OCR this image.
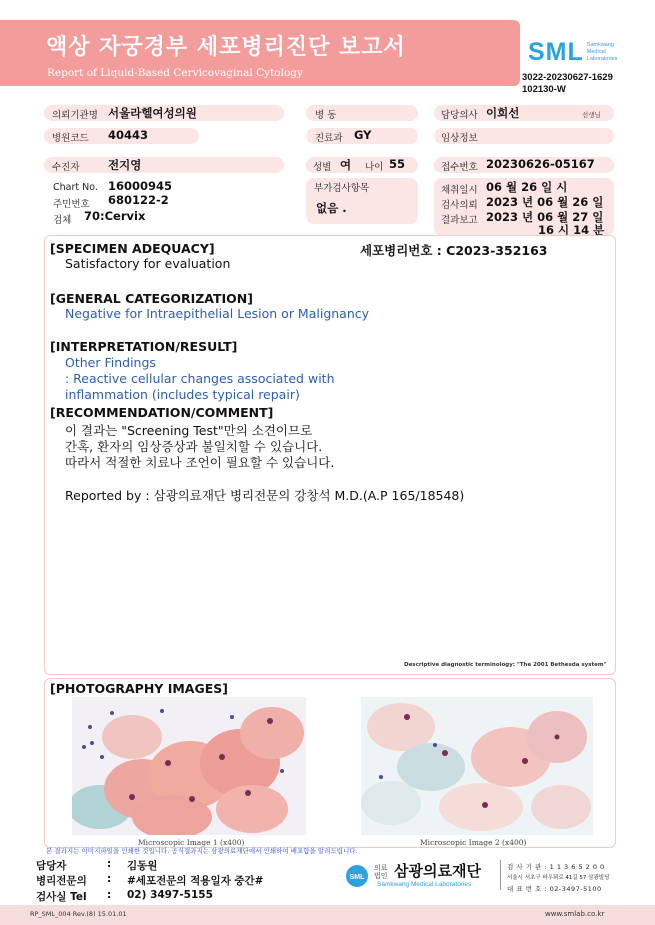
액상 자궁경부 세포병리진단 보고서
Report of Liquid-Based Cervicovaginal Cytology
SML Samkwang
Medical
Laboratories
3022-20230627-1629
102130-W
의뢰기관명 서울라헬여성의원	병 동	담당의사 이희선	선생님
병원코드 40443	진료과 GY	임상정보
수진자 전지영	성별 여 나이 55	접수번호 20230626-05167
Chart No. 16000945
주민번호 680122-2
검체 70:Cervix
부가검사항목
없음 .
채취일시 06 월 26 일 시
검사의뢰 2023 년 06 월 26 일
결과보고 2023 년 06 월 27 일
16 시 14 분
[SPECIMEN ADEQUACY]	세포병리번호 : C2023-352163
Satisfactory for evaluation
[GENERAL CATEGORIZATION]
Negative for Intraepithelial Lesion or Malignancy
[INTERPRETATION/RESULT]
Other Findings
: Reactive cellular changes associated with
inflammation (includes typical repair)
[RECOMMENDATION/COMMENT]
이 결과는 "Screening Test"만의 소견이므로
간혹, 환자의 임상증상과 불일치할 수 있습니다.
따라서 적절한 치료나 조언이 필요할 수 있습니다.
Reported by : 삼광의료재단 병리전문의 강창석 M.D.(A.P 165/18548)
Descriptive diagnostic terminology: "The 2001 Bethesda system"
[PHOTOGRAPHY IMAGES]
Microscopic Image 1 (x400)	Microscopic Image 2 (x400)
본 결과지는 이미지파일을 인쇄한 것입니다. 공식결과지는 삼광의료재단에서 인쇄하여 배포함을 알려드립니다.
담당자	: 김동원
병리전문의 : #세포전문의 적용일자 중간#
검사실 Tel : 02) 3497-5155
SML
의료
법인 삼광의료재단
Samkwang Medical Laboratories
검 사 기 관 : 1 1 3 6 5 2 0 0
서울시 서초구 바우뫼로 41길 57 삼광빌딩
대 표 번 호 : 02-3497-5100
RP_SML_004 Rev.(8) 15.01.01	www.smlab.co.kr
